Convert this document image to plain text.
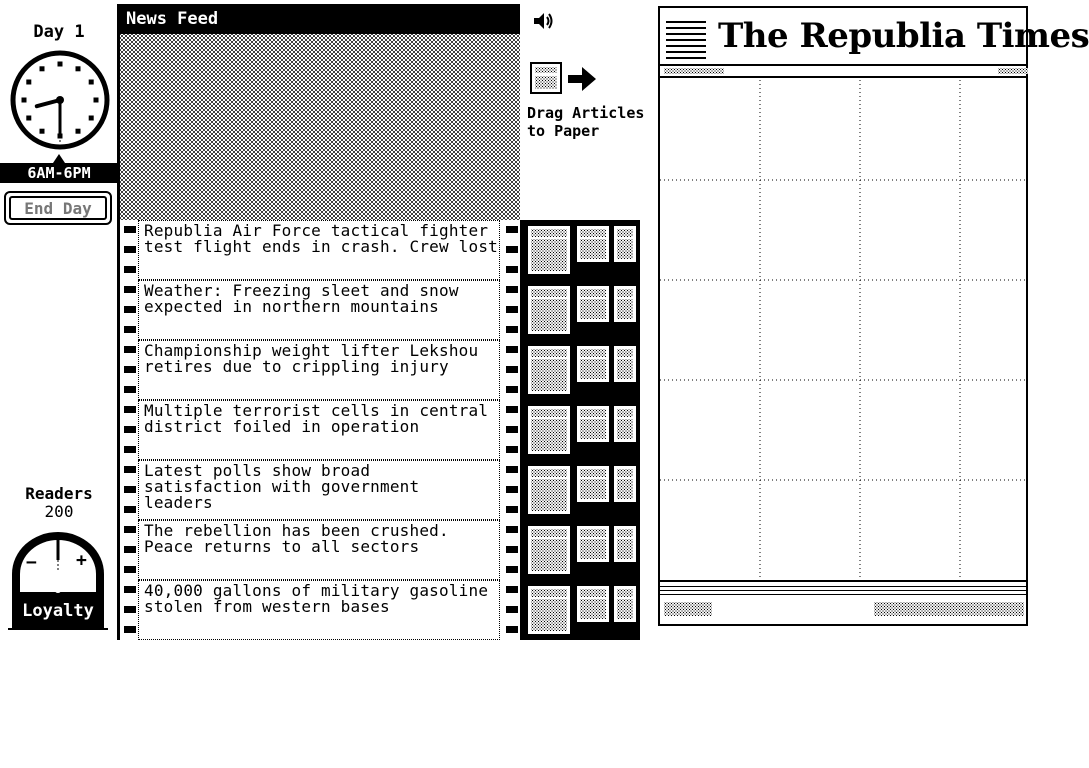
Day 1
6AM-6PM
End Day
Readers
200
− +
0
Loyalty
News Feed
Republia Air Force tactical fighter
test flight ends in crash. Crew lost
Weather: Freezing sleet and snow
expected in northern mountains
Championship weight lifter Lekshou
retires due to crippling injury
Multiple terrorist cells in central
district foiled in operation
Latest polls show broad
satisfaction with government
leaders
The rebellion has been crushed.
Peace returns to all sectors
40,000 gallons of military gasoline
stolen from western bases
Drag Articles
to Paper
The Republia Times
